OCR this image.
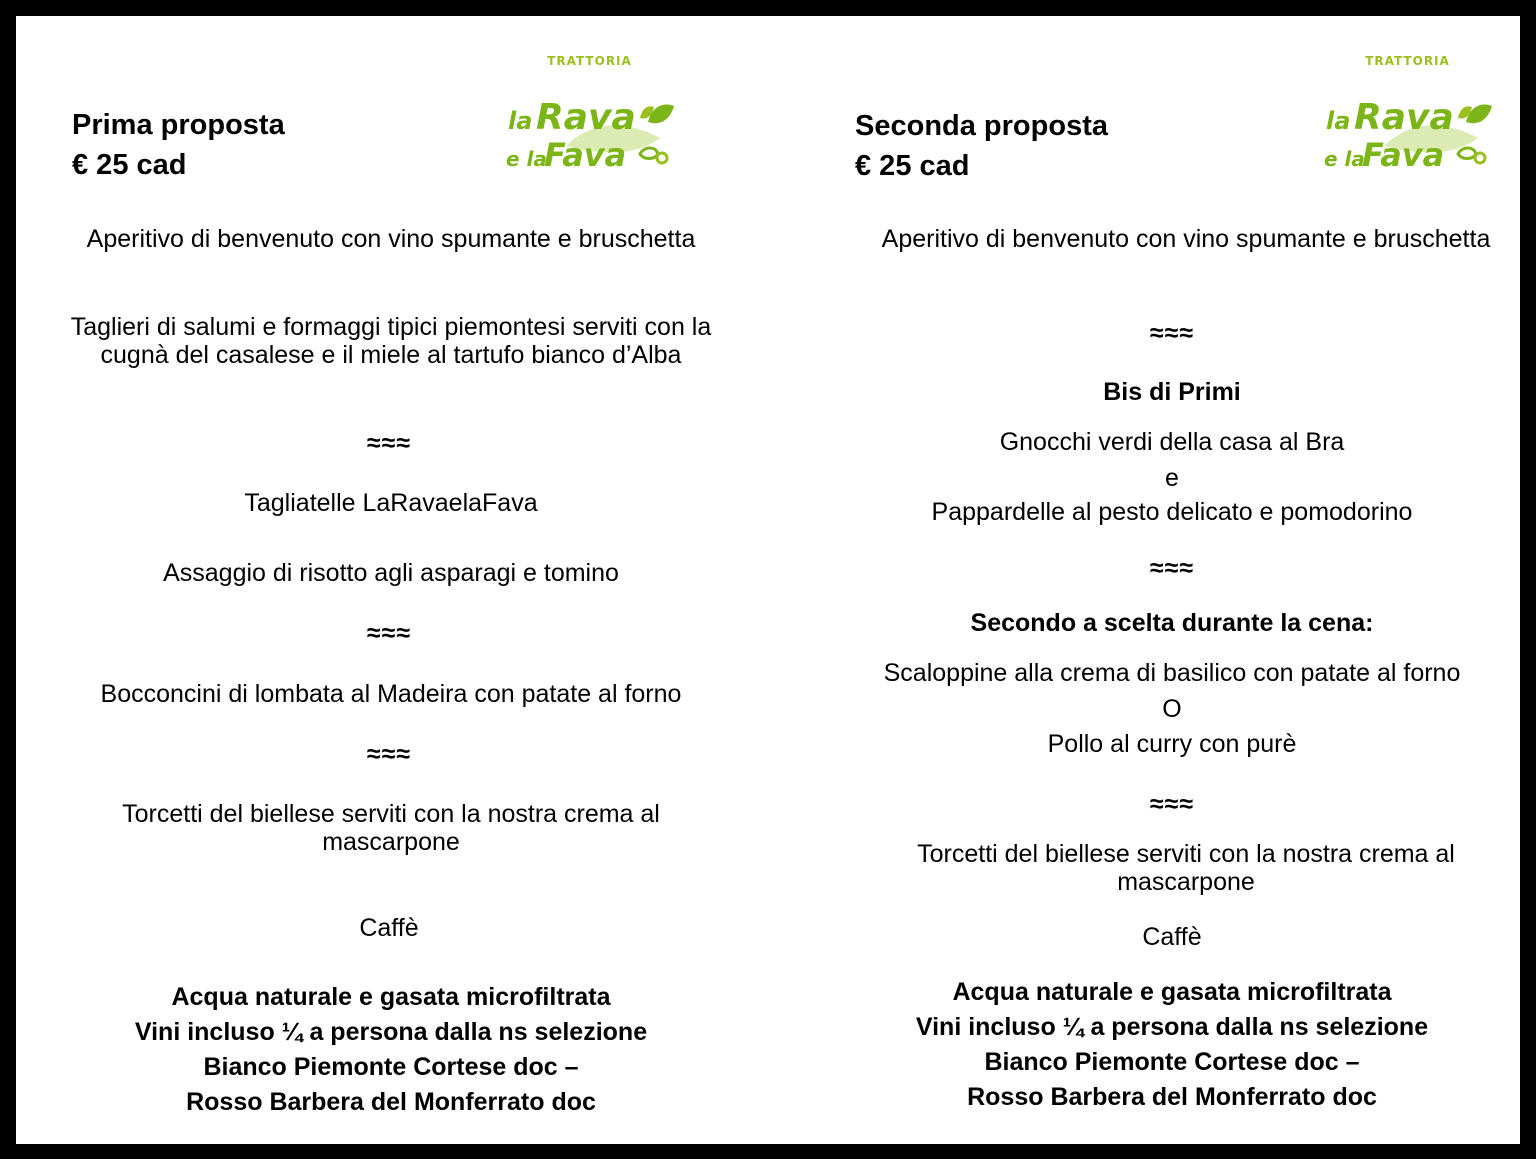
Prima proposta
€ 25 cad
TRATTORIA
la Rava
e la
Fava
Aperitivo di benvenuto con vino spumante e bruschetta
Taglieri di salumi e formaggi tipici piemontesi serviti con la cugnà del casalese e il miele al tartufo bianco d’Alba
≈≈≈
Tagliatelle LaRavaelaFava
Assaggio di risotto agli asparagi e tomino
≈≈≈
Bocconcini di lombata al Madeira con patate al forno
≈≈≈
Torcetti del biellese serviti con la nostra crema al mascarpone
Caffè
Acqua naturale e gasata microfiltrata
Vini incluso ¼ a persona dalla ns selezione
Bianco Piemonte Cortese doc –
Rosso Barbera del Monferrato doc
Seconda proposta
€ 25 cad
TRATTORIA
la Rava
e la
Fava
Aperitivo di benvenuto con vino spumante e bruschetta
≈≈≈
Bis di Primi
Gnocchi verdi della casa al Bra
e
Pappardelle al pesto delicato e pomodorino
≈≈≈
Secondo a scelta durante la cena:
Scaloppine alla crema di basilico con patate al forno
O
Pollo al curry con purè
≈≈≈
Torcetti del biellese serviti con la nostra crema al mascarpone
Caffè
Acqua naturale e gasata microfiltrata
Vini incluso ¼ a persona dalla ns selezione
Bianco Piemonte Cortese doc –
Rosso Barbera del Monferrato doc
